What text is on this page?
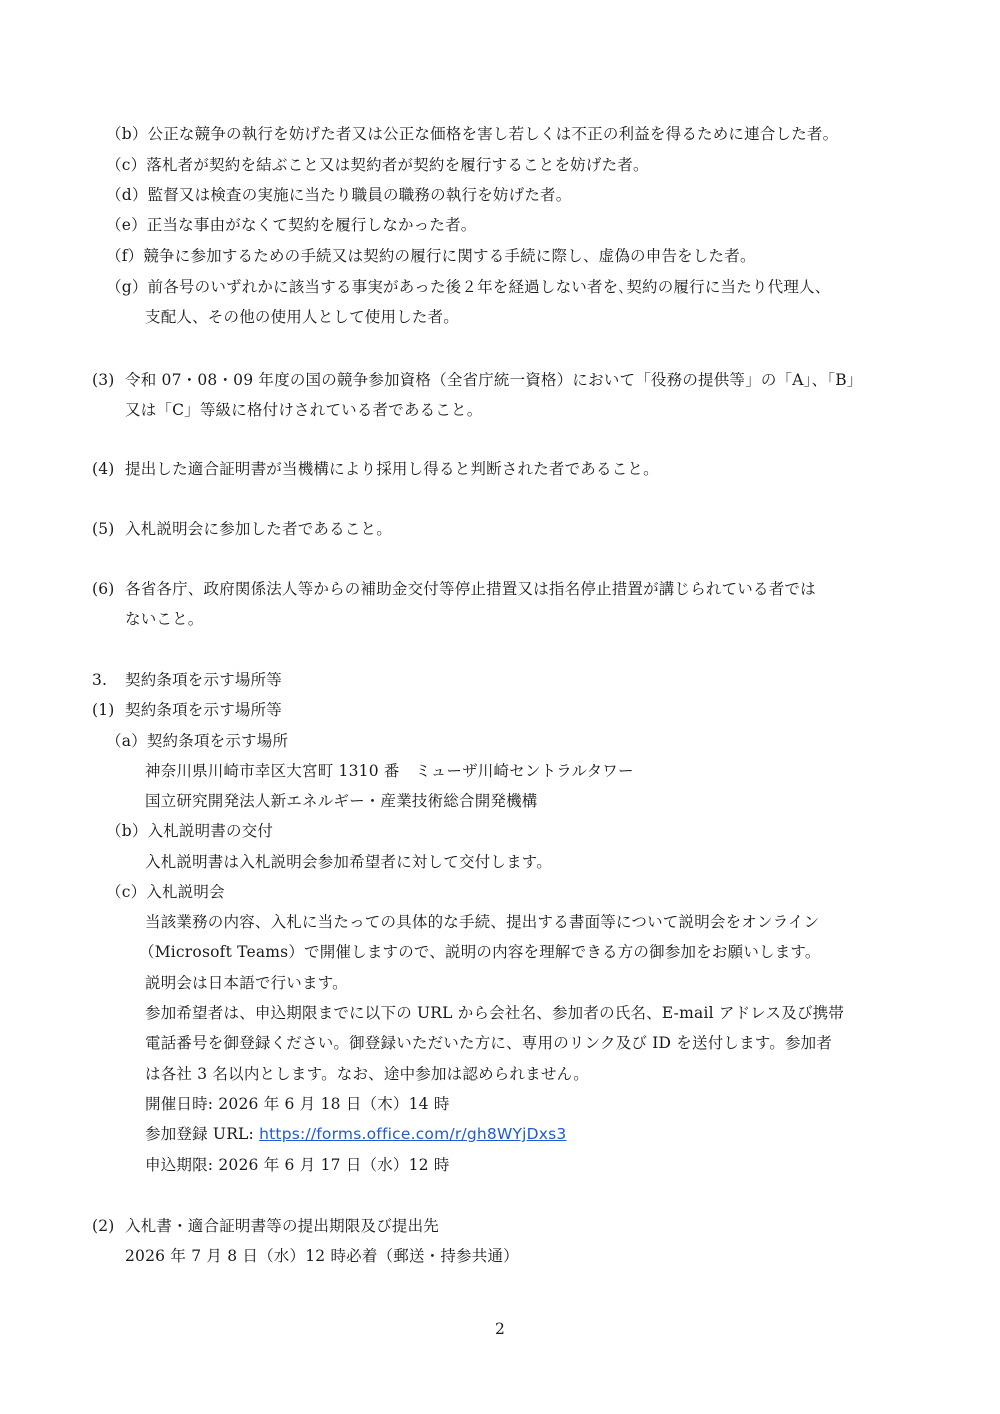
（b）公正な競争の執行を妨げた者又は公正な価格を害し若しくは不正の利益を得るために連合した者。
（c）落札者が契約を結ぶこと又は契約者が契約を履行することを妨げた者。
（d）監督又は検査の実施に当たり職員の職務の執行を妨げた者。
（e）正当な事由がなくて契約を履行しなかった者。
（f）競争に参加するための手続又は契約の履行に関する手続に際し、虚偽の申告をした者。
（g）前各号のいずれかに該当する事実があった後２年を経過しない者を､契約の履行に当たり代理人、
支配人、その他の使用人として使用した者。
(3) 令和 07・08・09 年度の国の競争参加資格（全省庁統一資格）において「役務の提供等」の「A」、「B」
又は「C」等級に格付けされている者であること。
(4) 提出した適合証明書が当機構により採用し得ると判断された者であること。
(5) 入札説明会に参加した者であること。
(6) 各省各庁、政府関係法人等からの補助金交付等停止措置又は指名停止措置が講じられている者では
ないこと。
3. 契約条項を示す場所等
(1) 契約条項を示す場所等
（a）契約条項を示す場所
神奈川県川崎市幸区大宮町 1310 番　ミューザ川崎セントラルタワー
国立研究開発法人新エネルギー・産業技術総合開発機構
（b）入札説明書の交付
入札説明書は入札説明会参加希望者に対して交付します。
（c）入札説明会
当該業務の内容、入札に当たっての具体的な手続、提出する書面等について説明会をオンライン
（Microsoft Teams）で開催しますので、説明の内容を理解できる方の御参加をお願いします。
説明会は日本語で行います。
参加希望者は、申込期限までに以下の URL から会社名、参加者の氏名、E-mail アドレス及び携帯
電話番号を御登録ください。御登録いただいた方に、専用のリンク及び ID を送付します。参加者
は各社 3 名以内とします。なお、途中参加は認められません。
開催日時: 2026 年 6 月 18 日（木）14 時
参加登録 URL: https://forms.office.com/r/gh8WYjDxs3
申込期限: 2026 年 6 月 17 日（水）12 時
(2) 入札書・適合証明書等の提出期限及び提出先
2026 年 7 月 8 日（水）12 時必着（郵送・持参共通）
2
